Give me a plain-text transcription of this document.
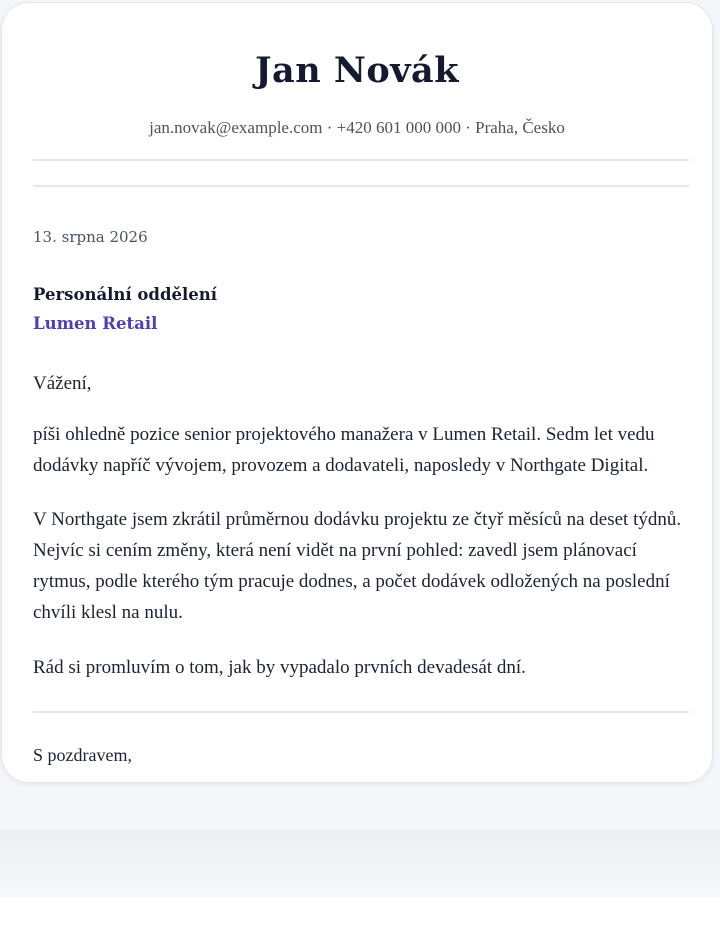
Jan Novák
jan.novak@example.com · +420 601 000 000 · Praha, Česko
13. srpna 2026
Personální oddělení
Lumen Retail
Vážení,
píši ohledně pozice senior projektového manažera v Lumen Retail. Sedm let vedu dodávky napříč vývojem, provozem a dodavateli, naposledy v Northgate Digital.
V Northgate jsem zkrátil průměrnou dodávku projektu ze čtyř měsíců na deset týdnů. Nejvíc si cením změny, která není vidět na první pohled: zavedl jsem plánovací rytmus, podle kterého tým pracuje dodnes, a počet dodávek odložených na poslední chvíli klesl na nulu.
Rád si promluvím o tom, jak by vypadalo prvních devadesát dní.
S pozdravem,
